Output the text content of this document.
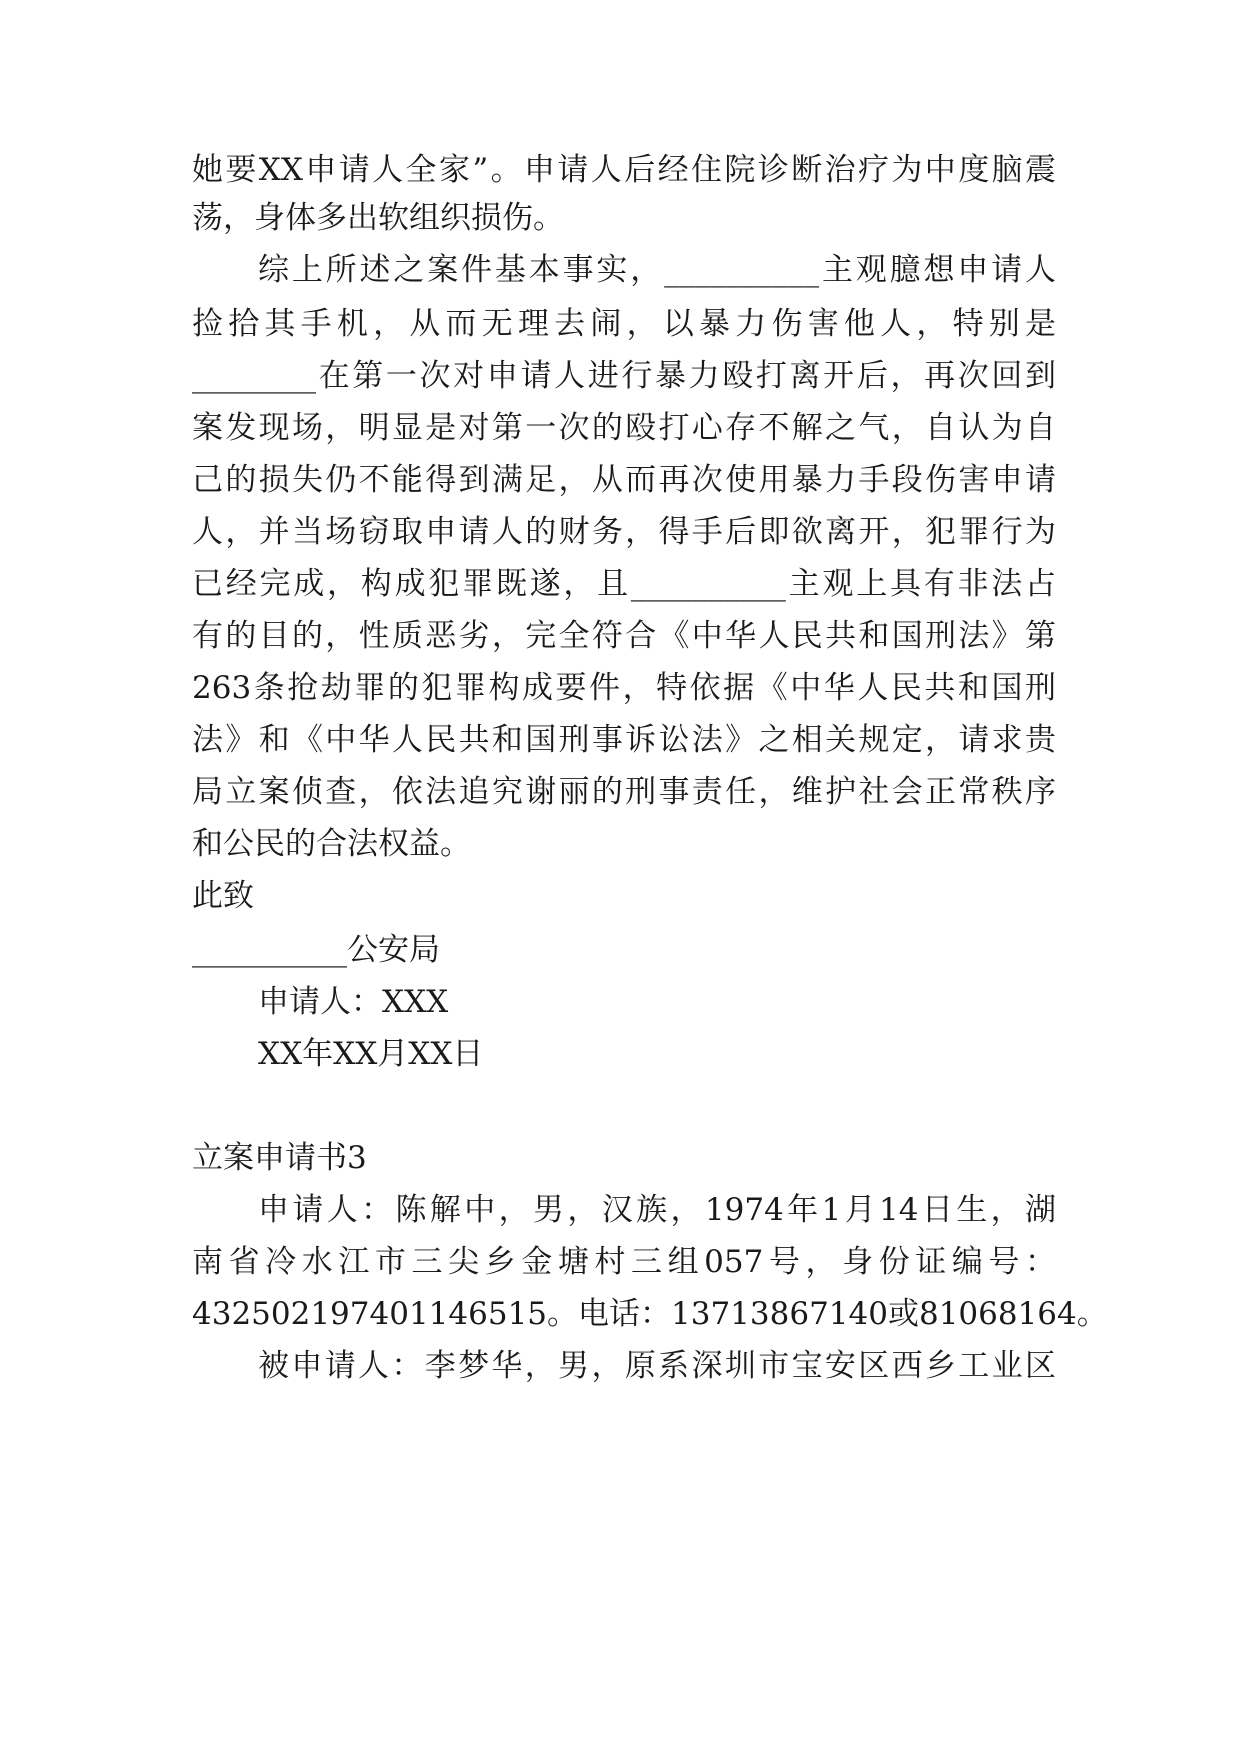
她要XX申请人全家”。申请人后经住院诊断治疗为中度脑震
荡，身体多出软组织损伤。
综上所述之案件基本事实，__________主观臆想申请人
捡拾其手机，从而无理去闹，以暴力伤害他人，特别是
________在第一次对申请人进行暴力殴打离开后，再次回到
案发现场，明显是对第一次的殴打心存不解之气，自认为自
己的损失仍不能得到满足，从而再次使用暴力手段伤害申请
人，并当场窃取申请人的财务，得手后即欲离开，犯罪行为
已经完成，构成犯罪既遂，且__________主观上具有非法占
有的目的，性质恶劣，完全符合《中华人民共和国刑法》第
263条抢劫罪的犯罪构成要件，特依据《中华人民共和国刑
法》和《中华人民共和国刑事诉讼法》之相关规定，请求贵
局立案侦查，依法追究谢丽的刑事责任，维护社会正常秩序
和公民的合法权益。
此致
__________公安局
申请人：XXX
XX年XX月XX日
立案申请书3
申请人：陈解中，男，汉族，1974年1月14日生，湖
南省冷水江市三尖乡金塘村三组057号，身份证编号：
432502197401146515。电话：13713867140或81068164。
被申请人：李梦华，男，原系深圳市宝安区西乡工业区
